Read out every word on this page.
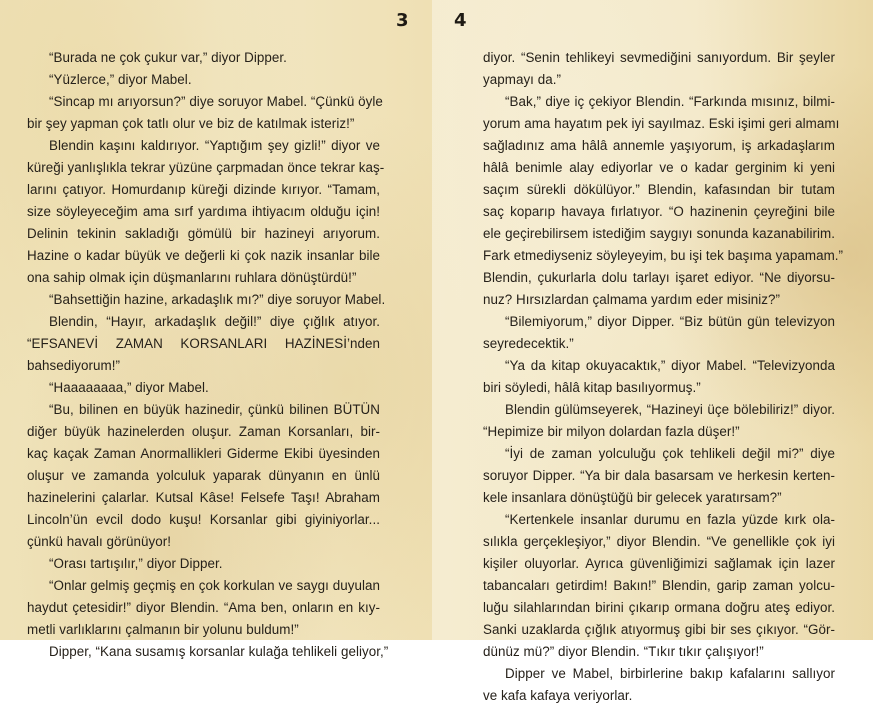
3
“Burada ne çok çukur var,” diyor Dipper.
“Yüzlerce,” diyor Mabel.
“Sincap mı arıyorsun?” diye soruyor Mabel. “Çünkü öyle
bir şey yapman çok tatlı olur ve biz de katılmak isteriz!”
Blendin kaşını kaldırıyor. “Yaptığım şey gizli!” diyor ve
küreği yanlışlıkla tekrar yüzüne çarpmadan önce tekrar kaş-
larını çatıyor. Homurdanıp küreği dizinde kırıyor. “Tamam,
size söyleyeceğim ama sırf yardıma ihtiyacım olduğu için!
Delinin tekinin sakladığı gömülü bir hazineyi arıyorum.
Hazine o kadar büyük ve değerli ki çok nazik insanlar bile
ona sahip olmak için düşmanlarını ruhlara dönüştürdü!”
“Bahsettiğin hazine, arkadaşlık mı?” diye soruyor Mabel.
Blendin, “Hayır, arkadaşlık değil!” diye çığlık atıyor.
“EFSANEVİ ZAMAN KORSANLARI HAZİNESİ’nden
bahsediyorum!”
“Haaaaaaaa,” diyor Mabel.
“Bu, bilinen en büyük hazinedir, çünkü bilinen BÜTÜN
diğer büyük hazinelerden oluşur. Zaman Korsanları, bir-
kaç kaçak Zaman Anormallikleri Giderme Ekibi üyesinden
oluşur ve zamanda yolculuk yaparak dünyanın en ünlü
hazinelerini çalarlar. Kutsal Kâse! Felsefe Taşı! Abraham
Lincoln’ün evcil dodo kuşu! Korsanlar gibi giyiniyorlar...
çünkü havalı görünüyor!
“Orası tartışılır,” diyor Dipper.
“Onlar gelmiş geçmiş en çok korkulan ve saygı duyulan
haydut çetesidir!” diyor Blendin. “Ama ben, onların en kıy-
metli varlıklarını çalmanın bir yolunu buldum!”
Dipper, “Kana susamış korsanlar kulağa tehlikeli geliyor,”
4
diyor. “Senin tehlikeyi sevmediğini sanıyordum. Bir şeyler
yapmayı da.”
“Bak,” diye iç çekiyor Blendin. “Farkında mısınız, bilmi-
yorum ama hayatım pek iyi sayılmaz. Eski işimi geri almamı
sağladınız ama hâlâ annemle yaşıyorum, iş arkadaşlarım
hâlâ benimle alay ediyorlar ve o kadar gerginim ki yeni
saçım sürekli dökülüyor.” Blendin, kafasından bir tutam
saç koparıp havaya fırlatıyor. “O hazinenin çeyreğini bile
ele geçirebilirsem istediğim saygıyı sonunda kazanabilirim.
Fark etmediyseniz söyleyeyim, bu işi tek başıma yapamam.”
Blendin, çukurlarla dolu tarlayı işaret ediyor. “Ne diyorsu-
nuz? Hırsızlardan çalmama yardım eder misiniz?”
“Bilemiyorum,” diyor Dipper. “Biz bütün gün televizyon
seyredecektik.”
“Ya da kitap okuyacaktık,” diyor Mabel. “Televizyonda
biri söyledi, hâlâ kitap basılıyormuş.”
Blendin gülümseyerek, “Hazineyi üçe bölebiliriz!” diyor.
“Hepimize bir milyon dolardan fazla düşer!”
“İyi de zaman yolculuğu çok tehlikeli değil mi?” diye
soruyor Dipper. “Ya bir dala basarsam ve herkesin kerten-
kele insanlara dönüştüğü bir gelecek yaratırsam?”
“Kertenkele insanlar durumu en fazla yüzde kırk ola-
sılıkla gerçekleşiyor,” diyor Blendin. “Ve genellikle çok iyi
kişiler oluyorlar. Ayrıca güvenliğimizi sağlamak için lazer
tabancaları getirdim! Bakın!” Blendin, garip zaman yolcu-
luğu silahlarından birini çıkarıp ormana doğru ateş ediyor.
Sanki uzaklarda çığlık atıyormuş gibi bir ses çıkıyor. “Gör-
dünüz mü?” diyor Blendin. “Tıkır tıkır çalışıyor!”
Dipper ve Mabel, birbirlerine bakıp kafalarını sallıyor
ve kafa kafaya veriyorlar.
